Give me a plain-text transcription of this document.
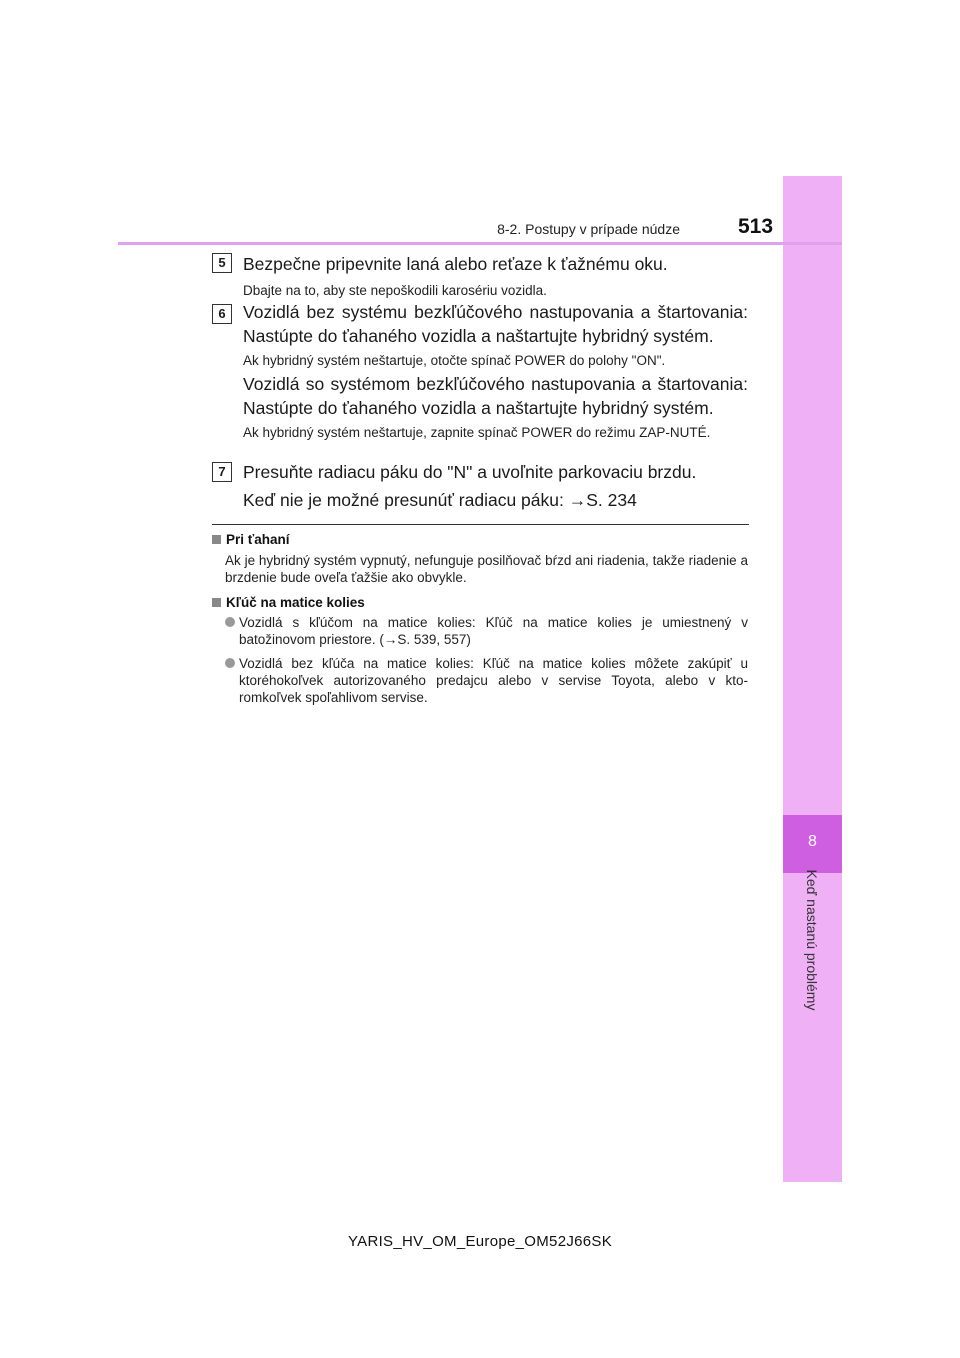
8
Keď nastanú problémy
8-2. Postupy v prípade núdze	513
5 Bezpečne pripevnite laná alebo reťaze k ťažnému oku.
Dbajte na to, aby ste nepoškodili karosériu vozidla.
6 Vozidlá bez systému bezkľúčového nastupovania a štartovania: Nastúpte do ťahaného vozidla a naštartujte hybridný systém.
Ak hybridný systém neštartuje, otočte spínač POWER do polohy "ON".
Vozidlá so systémom bezkľúčového nastupovania a štartovania: Nastúpte do ťahaného vozidla a naštartujte hybridný systém.
Ak hybridný systém neštartuje, zapnite spínač POWER do režimu ZAP-NUTÉ.
7 Presuňte radiacu páku do "N" a uvoľnite parkovaciu brzdu.
Keď nie je možné presunúť radiacu páku: →S. 234
Pri ťahaní
Ak je hybridný systém vypnutý, nefunguje posilňovač bŕzd ani riadenia, takže riadenie a brzdenie bude oveľa ťažšie ako obvykle.
Kľúč na matice kolies
Vozidlá s kľúčom na matice kolies: Kľúč na matice kolies je umiestnený v batožinovom priestore. (→S. 539, 557)
Vozidlá bez kľúča na matice kolies: Kľúč na matice kolies môžete zakúpiť u ktoréhokoľvek autorizovaného predajcu alebo v servise Toyota, alebo v kto-romkoľvek spoľahlivom servise.
YARIS_HV_OM_Europe_OM52J66SK
